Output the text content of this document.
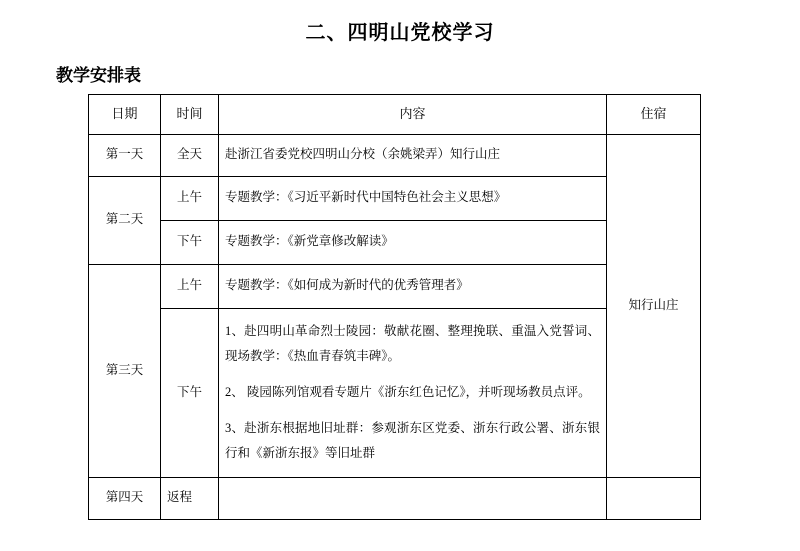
二、四明山党校学习
教学安排表
日期	时间	内容	住宿
第一天	全天	赴浙江省委党校四明山分校（余姚梁弄）知行山庄	知行山庄
第二天	上午	专题教学：《习近平新时代中国特色社会主义思想》	
	下午	专题教学：《新党章修改解读》	
第三天	上午	专题教学：《如何成为新时代的优秀管理者》	
	下午	1、赴四明山革命烈士陵园：敬献花圈、整理挽联、重温入党誓词、现场教学：《热血青春筑丰碑》。

2、 陵园陈列馆观看专题片《浙东红色记忆》，并听现场教员点评。

3、赴浙东根据地旧址群：参观浙东区党委、浙东行政公署、浙东银行和《新浙东报》等旧址群	

第四天	返程		
